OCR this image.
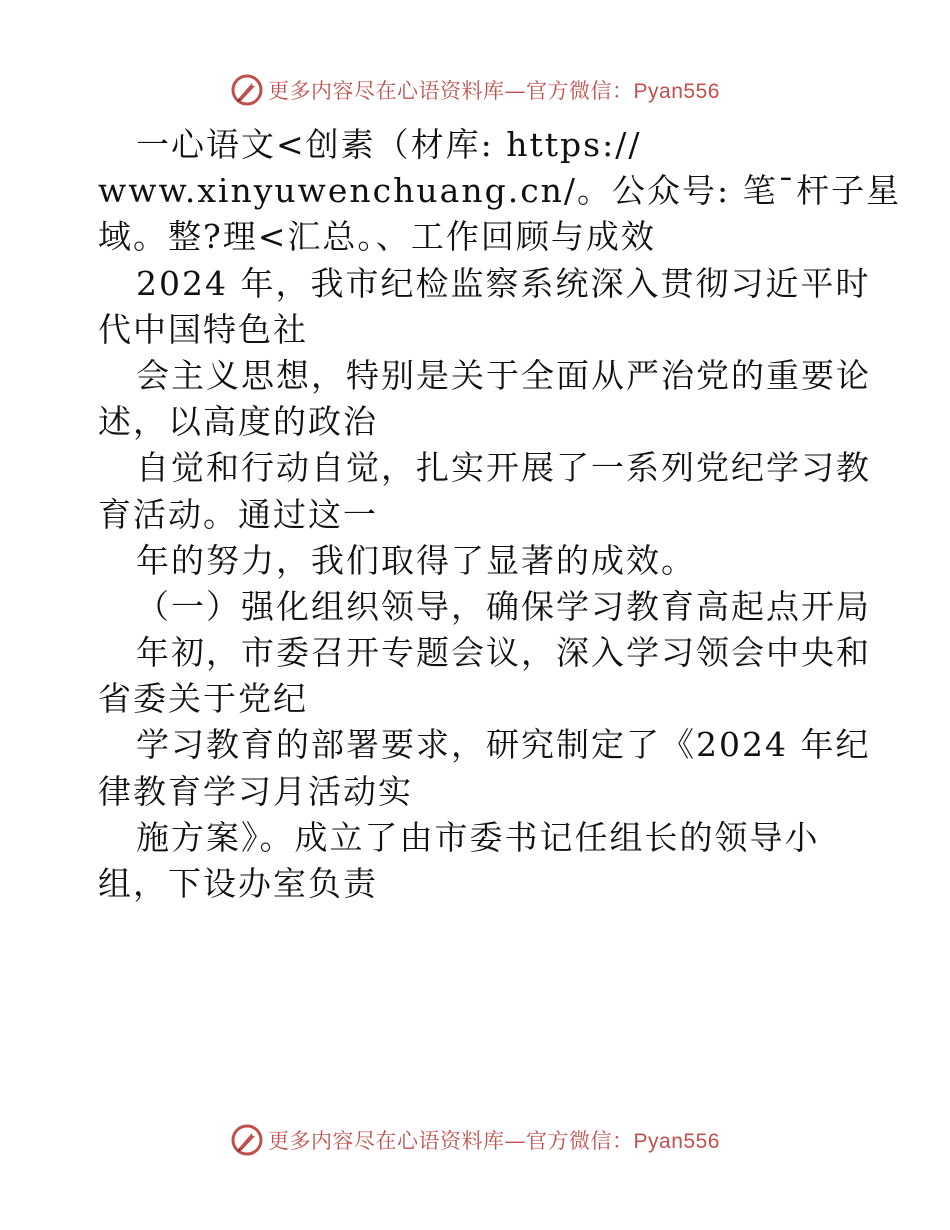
更多内容尽在心语资料库—官方微信：Pyan556
一心语文<创素（材库: https://
www.xinyuwenchuang.cn/。公众号: 笔¯杆子星
域。整?理<汇总。、工作回顾与成效
2024 年，我市纪检监察系统深入贯彻习近平时
代中国特色社
会主义思想，特别是关于全面从严治党的重要论
述，以高度的政治
自觉和行动自觉，扎实开展了一系列党纪学习教
育活动。通过这一
年的努力，我们取得了显著的成效。
（一）强化组织领导，确保学习教育高起点开局
年初，市委召开专题会议，深入学习领会中央和
省委关于党纪
学习教育的部署要求，研究制定了《2024 年纪
律教育学习月活动实
施方案》。成立了由市委书记任组长的领导小
组，下设办室负责
更多内容尽在心语资料库—官方微信：Pyan556
